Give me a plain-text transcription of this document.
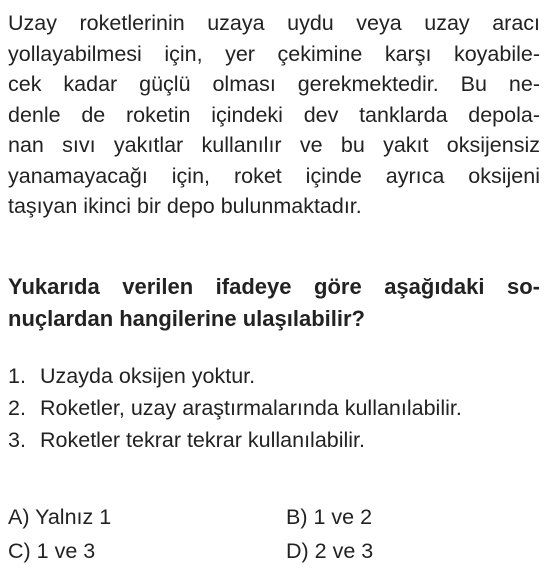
Uzay roketlerinin uzaya uydu veya uzay aracı
yollayabilmesi için, yer çekimine karşı koyabile-
cek kadar güçlü olması gerekmektedir. Bu ne-
denle de roketin içindeki dev tanklarda depola-
nan sıvı yakıtlar kullanılır ve bu yakıt oksijensiz
yanamayacağı için, roket içinde ayrıca oksijeni
taşıyan ikinci bir depo bulunmaktadır.

Yukarıda verilen ifadeye göre aşağıdaki so-
nuçlardan hangilerine ulaşılabilir?

1. Uzayda oksijen yoktur.
2. Roketler, uzay araştırmalarında kullanılabilir.
3. Roketler tekrar tekrar kullanılabilir.
A) Yalnız 1	B) 1 ve 2
C) 1 ve 3	D) 2 ve 3
